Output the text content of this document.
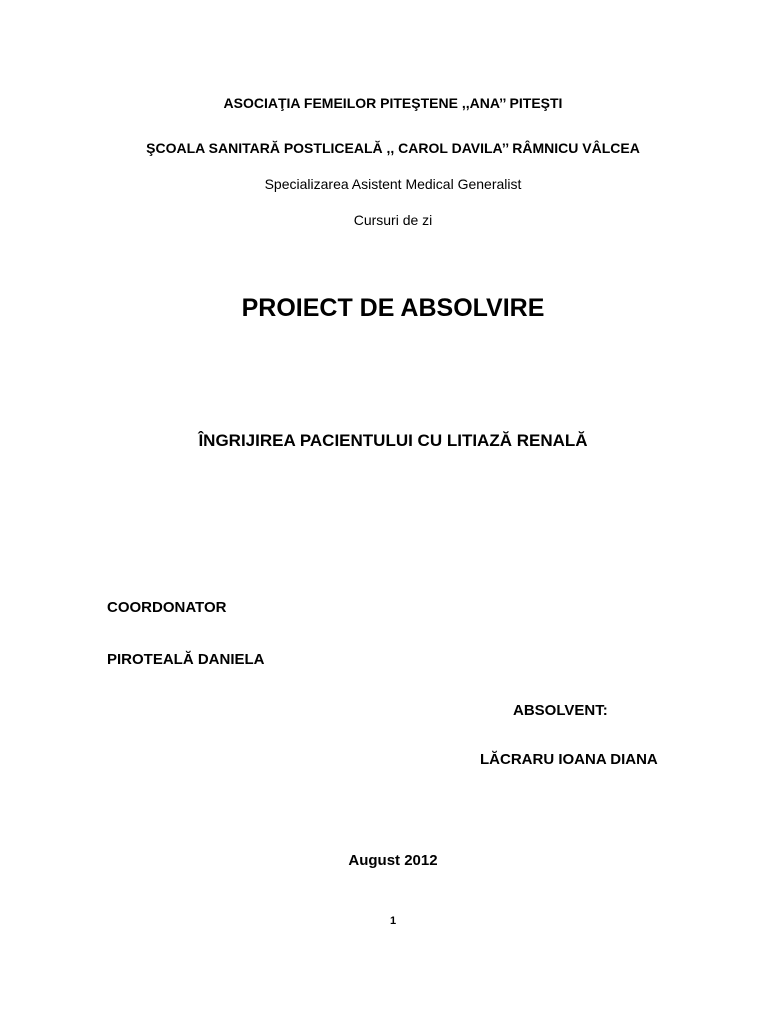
ASOCIAŢIA FEMEILOR PITEŞTENE ,,ANA’’ PITEŞTI
ŞCOALA SANITARĂ POSTLICEALĂ ,, CAROL DAVILA’’ RÂMNICU VÂLCEA
Specializarea Asistent Medical Generalist
Cursuri de zi
PROIECT DE ABSOLVIRE
ÎNGRIJIREA PACIENTULUI CU LITIAZĂ RENALĂ
COORDONATOR
PIROTEALĂ DANIELA
ABSOLVENT:
LĂCRARU IOANA DIANA
August 2012
1
